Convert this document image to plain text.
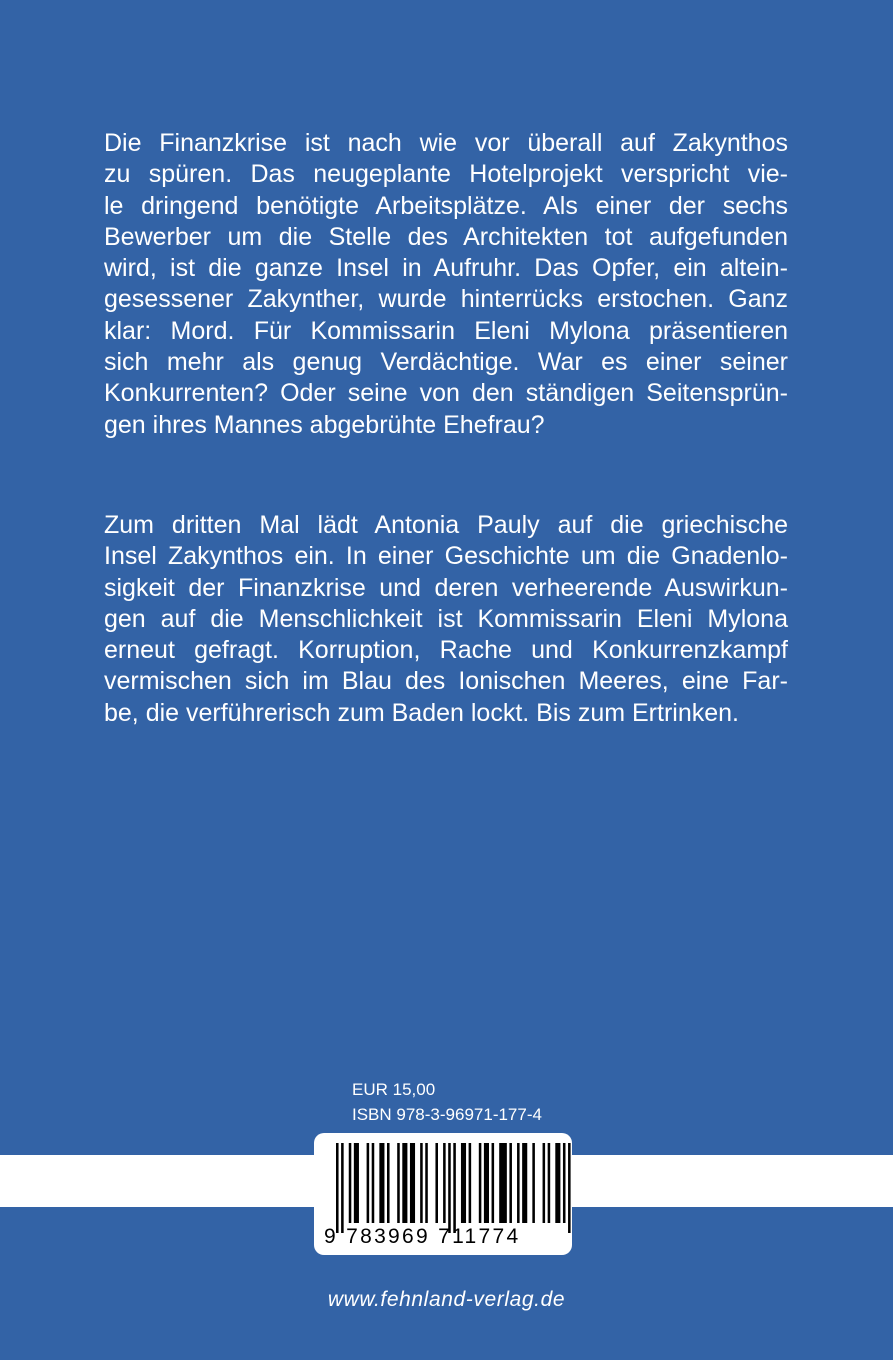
Die Finanzkrise ist nach wie vor überall auf Zakynthos
zu spüren. Das neugeplante Hotelprojekt verspricht vie-
le dringend benötigte Arbeitsplätze. Als einer der sechs
Bewerber um die Stelle des Architekten tot aufgefunden
wird, ist die ganze Insel in Aufruhr. Das Opfer, ein altein-
gesessener Zakynther, wurde hinterrücks erstochen. Ganz
klar: Mord. Für Kommissarin Eleni Mylona präsentieren
sich mehr als genug Verdächtige. War es einer seiner
Konkurrenten? Oder seine von den ständigen Seitensprün-
gen ihres Mannes abgebrühte Ehefrau?
Zum dritten Mal lädt Antonia Pauly auf die griechische
Insel Zakynthos ein. In einer Geschichte um die Gnadenlo-
sigkeit der Finanzkrise und deren verheerende Auswirkun-
gen auf die Menschlichkeit ist Kommissarin Eleni Mylona
erneut gefragt. Korruption, Rache und Konkurrenzkampf
vermischen sich im Blau des Ionischen Meeres, eine Far-
be, die verführerisch zum Baden lockt. Bis zum Ertrinken.
EUR 15,00
ISBN 978-3-96971-177-4
9 783969 711774
www.fehnland-verlag.de
